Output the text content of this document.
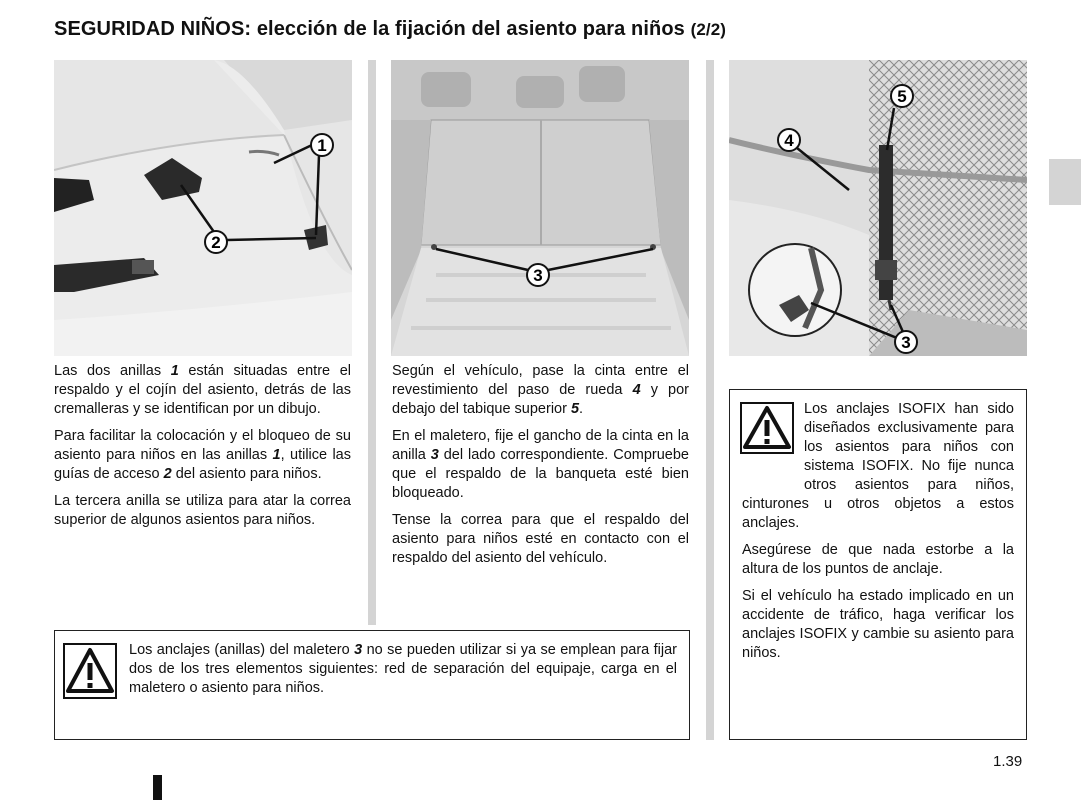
SEGURIDAD NIÑOS: elección de la fijación del asiento para niños (2/2)
1
2
3
5
4
3

Las dos anillas 1 están situadas entre el respaldo y el cojín del asiento, detrás de las cremalleras y se identifican por un dibujo.

Para facilitar la colocación y el bloqueo de su asiento para niños en las anillas 1, utilice las guías de acceso 2 del asiento para niños.

La tercera anilla se utiliza para atar la correa superior de algunos asientos para niños.

Según el vehículo, pase la cinta entre el revestimiento del paso de rueda 4 y por debajo del tabique superior 5.

En el maletero, fije el gancho de la cinta en la anilla 3 del lado correspondiente. Compruebe que el respaldo de la banqueta esté bien bloqueado.

Tense la correa para que el respaldo del asiento para niños esté en contacto con el respaldo del asiento del vehículo.

Los anclajes (anillas) del maletero 3 no se pueden utilizar si ya se emplean para fijar dos de los tres elementos siguientes: red de separación del equipaje, carga en el maletero o asiento para niños.

Los anclajes ISOFIX han sido diseñados exclusivamente para los asientos para niños con sistema ISOFIX. No fije nunca otros asientos para niños, cinturones u otros objetos a estos anclajes.

Asegúrese de que nada estorbe a la altura de los puntos de anclaje.

Si el vehículo ha estado implicado en un accidente de tráfico, haga verificar los anclajes ISOFIX y cambie su asiento para niños.

1.39
